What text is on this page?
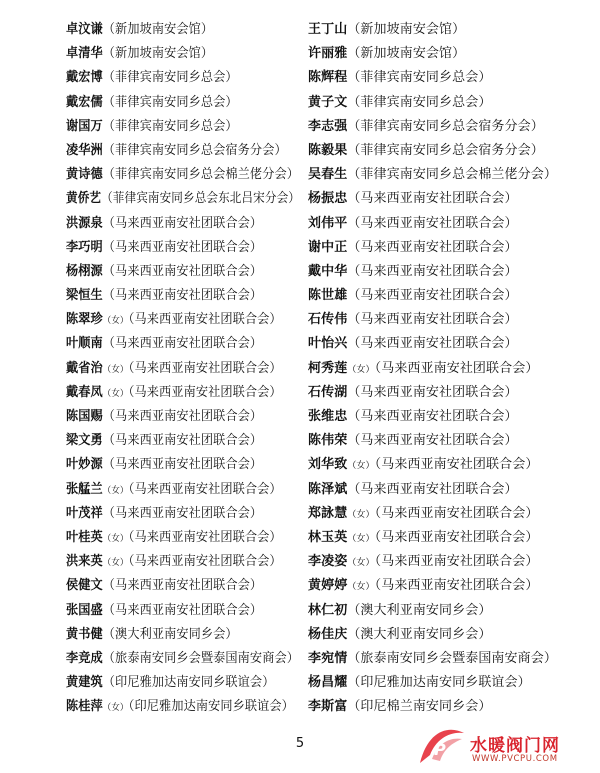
卓汶谦（新加坡南安会馆）
卓清华（新加坡南安会馆）
戴宏博（菲律宾南安同乡总会）
戴宏儒（菲律宾南安同乡总会）
谢国万（菲律宾南安同乡总会）
凌华洲（菲律宾南安同乡总会宿务分会）
黄诗德（菲律宾南安同乡总会棉兰佬分会）
黄侨艺（菲律宾南安同乡总会东北吕宋分会）
洪源泉（马来西亚南安社团联合会）
李巧明（马来西亚南安社团联合会）
杨栩源（马来西亚南安社团联合会）
梁恒生（马来西亚南安社团联合会）
陈翠珍（女）（马来西亚南安社团联合会）
叶顺南（马来西亚南安社团联合会）
戴省治（女）（马来西亚南安社团联合会）
戴春凤（女）（马来西亚南安社团联合会）
陈国赐（马来西亚南安社团联合会）
梁文勇（马来西亚南安社团联合会）
叶妙源（马来西亚南安社团联合会）
张艋兰（女）（马来西亚南安社团联合会）
叶茂祥（马来西亚南安社团联合会）
叶桂英（女）（马来西亚南安社团联合会）
洪来英（女）（马来西亚南安社团联合会）
侯健文（马来西亚南安社团联合会）
张国盛（马来西亚南安社团联合会）
黄书健（澳大利亚南安同乡会）
李竞成（旅泰南安同乡会暨泰国南安商会）
黄建筑（印尼雅加达南安同乡联谊会）
陈桂萍（女）（印尼雅加达南安同乡联谊会）
王丁山（新加坡南安会馆）
许丽雅（新加坡南安会馆）
陈辉程（菲律宾南安同乡总会）
黄子文（菲律宾南安同乡总会）
李志强（菲律宾南安同乡总会宿务分会）
陈毅果（菲律宾南安同乡总会宿务分会）
吴春生（菲律宾南安同乡总会棉兰佬分会）
杨振忠（马来西亚南安社团联合会）
刘伟平（马来西亚南安社团联合会）
谢中正（马来西亚南安社团联合会）
戴中华（马来西亚南安社团联合会）
陈世雄（马来西亚南安社团联合会）
石传伟（马来西亚南安社团联合会）
叶怡兴（马来西亚南安社团联合会）
柯秀莲（女）（马来西亚南安社团联合会）
石传湖（马来西亚南安社团联合会）
张维忠（马来西亚南安社团联合会）
陈伟荣（马来西亚南安社团联合会）
刘华致（女）（马来西亚南安社团联合会）
陈泽斌（马来西亚南安社团联合会）
郑詠慧（女）（马来西亚南安社团联合会）
林玉英（女）（马来西亚南安社团联合会）
李凌姿（女）（马来西亚南安社团联合会）
黄婷婷（女）（马来西亚南安社团联合会）
林仁初（澳大利亚南安同乡会）
杨佳庆（澳大利亚南安同乡会）
李宛情（旅泰南安同乡会暨泰国南安商会）
杨昌耀（印尼雅加达南安同乡联谊会）
李斯富（印尼棉兰南安同乡会）
5	P 水暖阀门网
WWW.PVCPU.COM
